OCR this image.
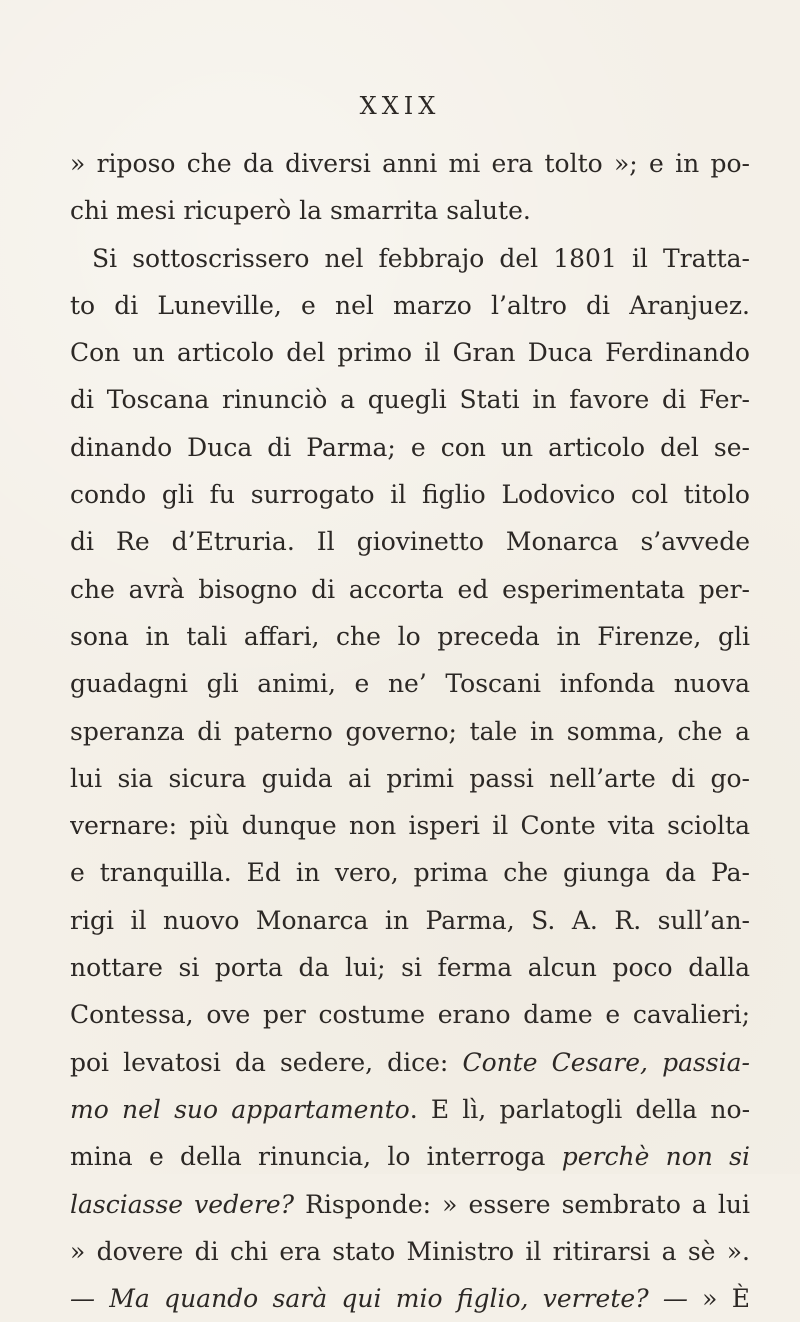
XXIX
» riposo che da diversi anni mi era tolto »; e in po-
chi mesi ricuperò la smarrita salute.
Si sottoscrissero nel febbrajo del 1801 il Tratta-
to di Luneville, e nel marzo l’altro di Aranjuez.
Con un articolo del primo il Gran Duca Ferdinando
di Toscana rinunciò a quegli Stati in favore di Fer-
dinando Duca di Parma; e con un articolo del se-
condo gli fu surrogato il figlio Lodovico col titolo
di Re d’Etruria. Il giovinetto Monarca s’avvede
che avrà bisogno di accorta ed esperimentata per-
sona in tali affari, che lo preceda in Firenze, gli
guadagni gli animi, e ne’ Toscani infonda nuova
speranza di paterno governo; tale in somma, che a
lui sia sicura guida ai primi passi nell’arte di go-
vernare: più dunque non isperi il Conte vita sciolta
e tranquilla. Ed in vero, prima che giunga da Pa-
rigi il nuovo Monarca in Parma, S. A. R. sull’an-
nottare si porta da lui; si ferma alcun poco dalla
Contessa, ove per costume erano dame e cavalieri;
poi levatosi da sedere, dice: Conte Cesare, passia-
mo nel suo appartamento. E lì, parlatogli della no-
mina e della rinuncia, lo interroga perchè non si
lasciasse vedere? Risponde: » essere sembrato a lui
» dovere di chi era stato Ministro il ritirarsi a sè ».
— Ma quando sarà qui mio figlio, verrete? — » È
